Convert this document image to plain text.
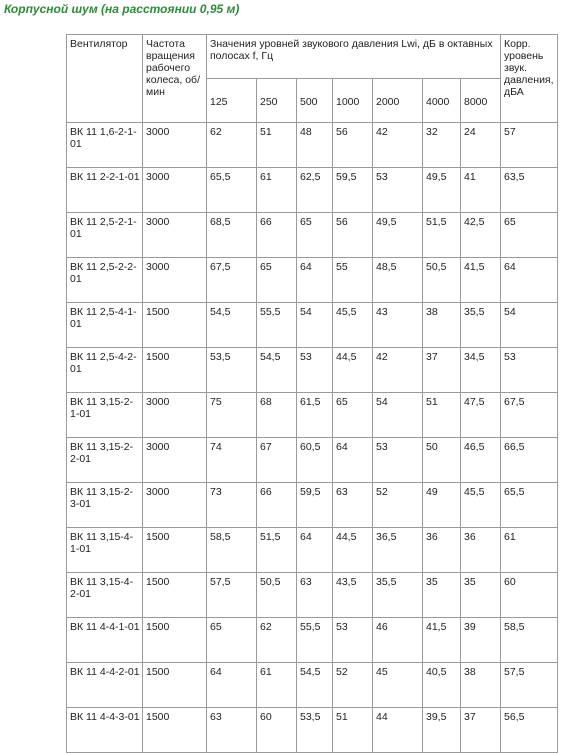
Корпусной шум (на расстоянии 0,95 м)
Вентилятор	Частота вращения рабочего колеса, об/мин	Значения уровней звукового давления Lwi, дБ в октавных полосах f, Гц							Корр. уровень звук. давления, дБА
		125	250	500	1000	2000	4000	8000	
ВК 11 1,6-2-1-01	3000	62	51	48	56	42	32	24	57
ВК 11 2-2-1-01	3000	65,5	61	62,5	59,5	53	49,5	41	63,5
ВК 11 2,5-2-1-01	3000	68,5	66	65	56	49,5	51,5	42,5	65
ВК 11 2,5-2-2-01	3000	67,5	65	64	55	48,5	50,5	41,5	64
ВК 11 2,5-4-1-01	1500	54,5	55,5	54	45,5	43	38	35,5	54
ВК 11 2,5-4-2-01	1500	53,5	54,5	53	44,5	42	37	34,5	53
ВК 11 3,15-2-1-01	3000	75	68	61,5	65	54	51	47,5	67,5
ВК 11 3,15-2-2-01	3000	74	67	60,5	64	53	50	46,5	66,5
ВК 11 3,15-2-3-01	3000	73	66	59,5	63	52	49	45,5	65,5
ВК 11 3,15-4-1-01	1500	58,5	51,5	64	44,5	36,5	36	36	61
ВК 11 3,15-4-2-01	1500	57,5	50,5	63	43,5	35,5	35	35	60
ВК 11 4-4-1-01	1500	65	62	55,5	53	46	41,5	39	58,5
ВК 11 4-4-2-01	1500	64	61	54,5	52	45	40,5	38	57,5
ВК 11 4-4-3-01	1500	63	60	53,5	51	44	39,5	37	56,5
